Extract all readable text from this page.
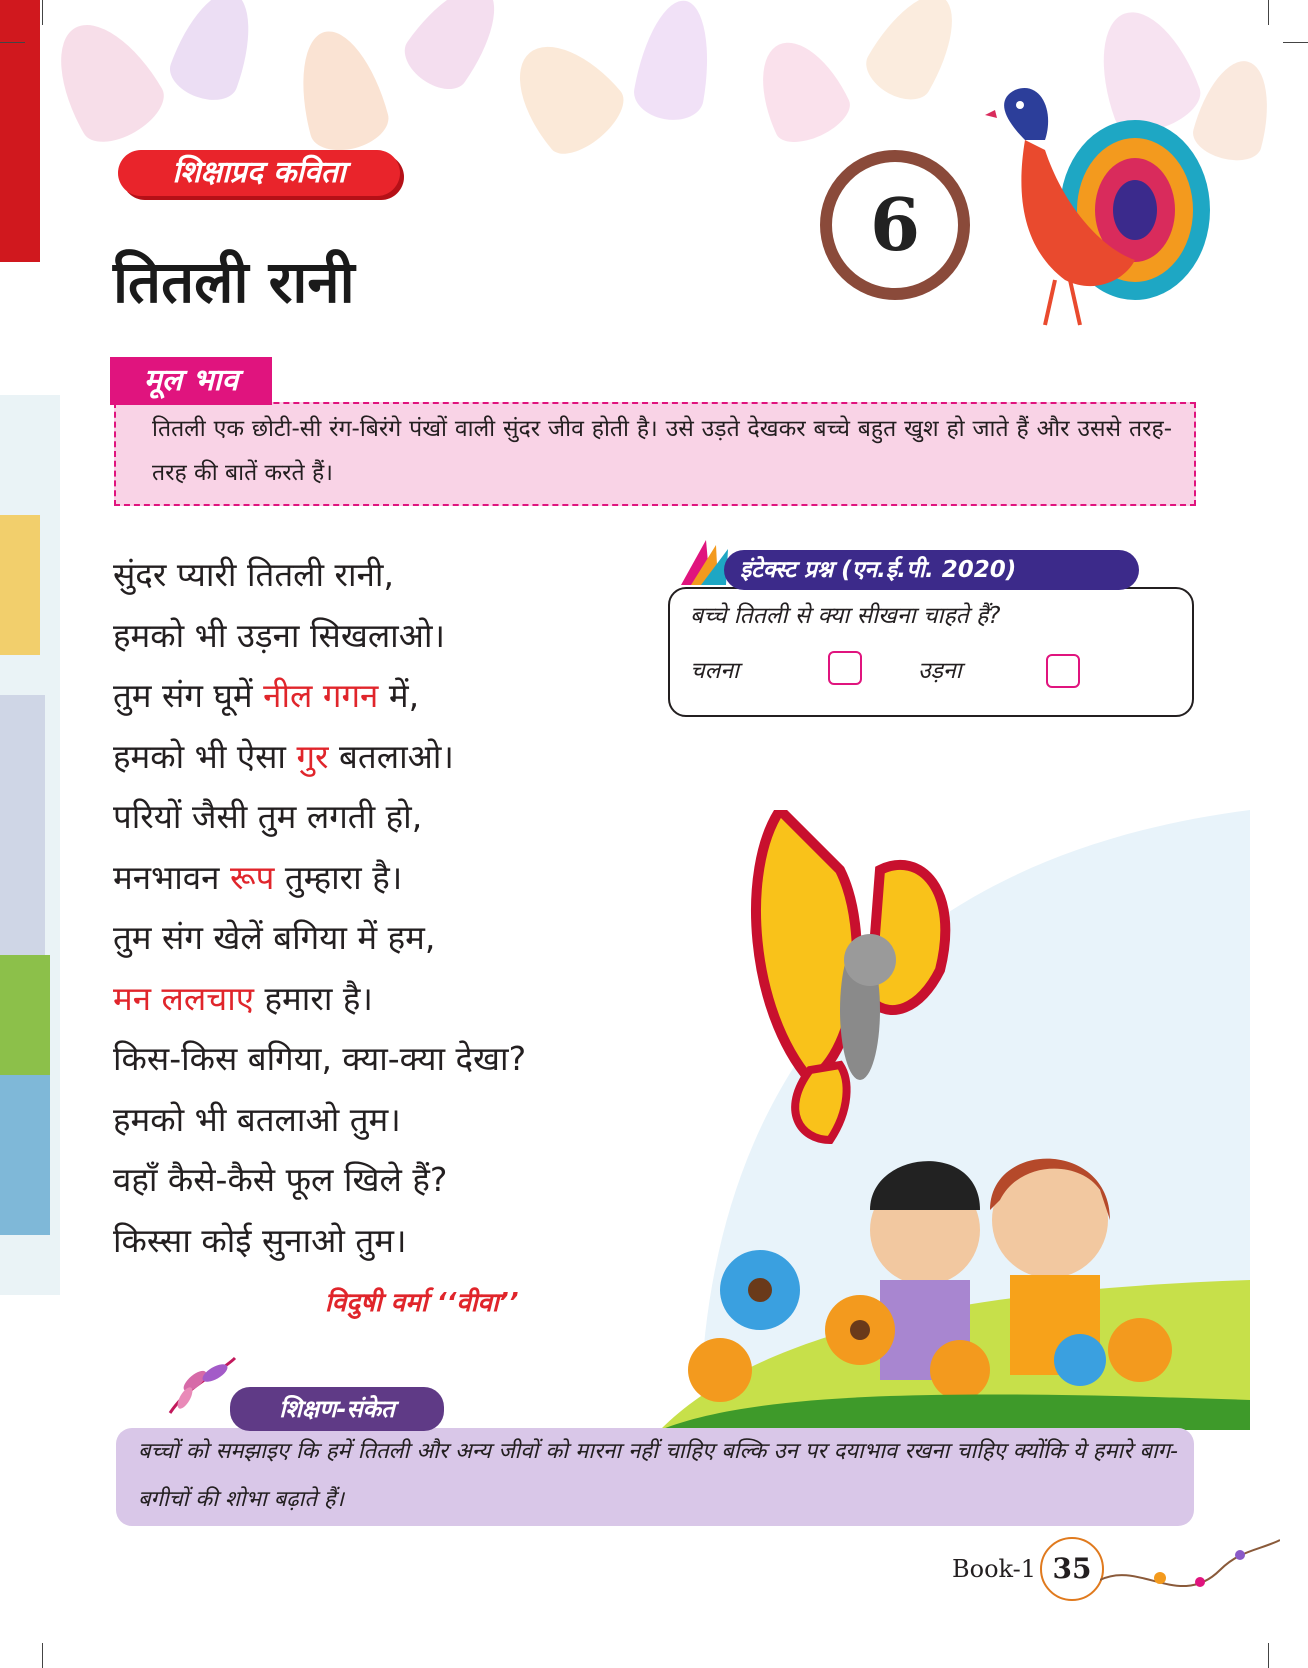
शिक्षाप्रद कविता
तितली रानी
6
मूल भाव
तितली एक छोटी-सी रंग-बिरंगे पंखों वाली सुंदर जीव होती है। उसे उड़ते देखकर बच्चे बहुत खुश हो जाते हैं और उससे तरह-तरह की बातें करते हैं।
सुंदर प्यारी तितली रानी,
हमको भी उड़ना सिखलाओ।
तुम संग घूमें नील गगन में,
हमको भी ऐसा गुर बतलाओ।
परियों जैसी तुम लगती हो,
मनभावन रूप तुम्हारा है।
तुम संग खेलें बगिया में हम,
मन ललचाए हमारा है।
किस-किस बगिया, क्या-क्या देखा?
हमको भी बतलाओ तुम।
वहाँ कैसे-कैसे फूल खिले हैं?
किस्सा कोई सुनाओ तुम।
विदुषी वर्मा ‘‘वीवा’’
इंटेक्स्ट प्रश्न (एन.ई.पी. 2020)
बच्चे तितली से क्या सीखना चाहते हैं?
चलना	उड़ना
शिक्षण-संकेत
बच्चों को समझाइए कि हमें तितली और अन्य जीवों को मारना नहीं चाहिए बल्कि उन पर दयाभाव रखना चाहिए क्योंकि ये हमारे बाग-बगीचों की शोभा बढ़ाते हैं।
Book-1 35
